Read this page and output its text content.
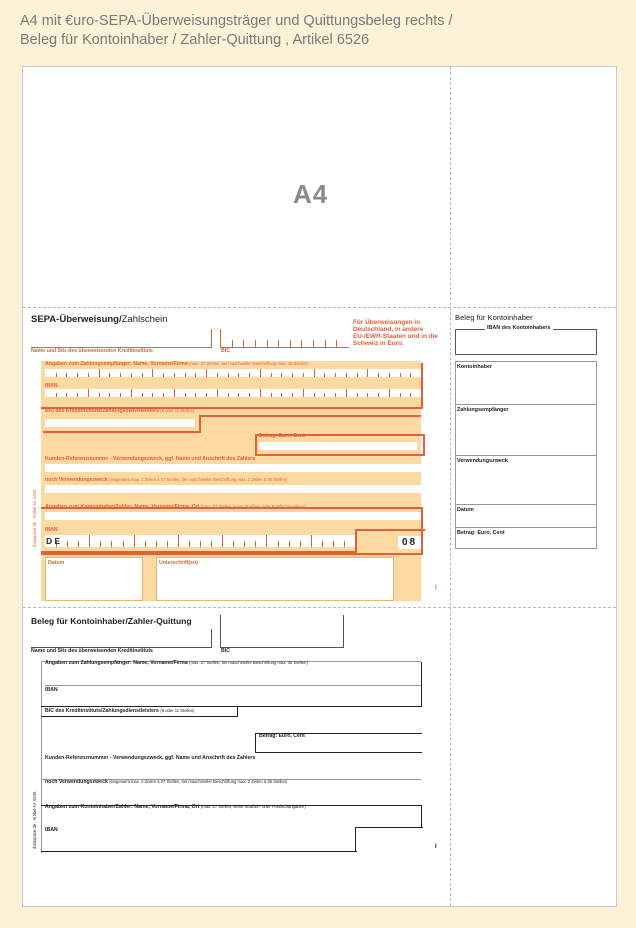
A4 mit €uro-SEPA-Überweisungsträger und Quittungsbeleg rechts /
Beleg für Kontoinhaber / Zahler-Quittung , Artikel 6526
A4
SEPA-Überweisung/Zahlschein
Name und Sitz des überweisenden Kreditinstituts	BIC
Für Überweisungen in Deutschland, in andere EU-/EWR-Staaten und in die Schweiz in Euro.
Angaben zum Zahlungsempfänger: Name, Vorname/Firma (max. 27 Stellen, bei maschineller Beschriftung max. 35 Stellen)
IBAN
BIC des Kreditinstituts/Zahlungsdienstleisters (8 oder 11 Stellen)
Betrag: Euro, Cent
Kunden-Referenznummer - Verwendungszweck, ggf. Name und Anschrift des Zahlers
noch Verwendungszweck (insgesamt max. 2 Zeilen à 27 Stellen, bei maschineller Beschriftung max. 2 Zeilen à 35 Stellen)
Angaben zum Kontoinhaber/Zahler: Name, Vorname/Firma, Ort (max. 27 Stellen, keine Straßen- oder Postfachangaben)
IBAN
D E	08
Datum	Unterschrift(en)
I
dataspace.de · Artikel-Nr. 6526
Beleg für Kontoinhaber
IBAN des Kontoinhabers
Kontoinhaber
Zahlungsempfänger
Verwendungszweck
Datum
Betrag: Euro, Cent
Beleg für Kontoinhaber/Zahler-Quittung
Name und Sitz des überweisenden Kreditinstituts	BIC
Angaben zum Zahlungsempfänger: Name, Vorname/Firma (max. 27 Stellen, bei maschineller Beschriftung max. 35 Stellen)
IBAN
BIC des Kreditinstituts/Zahlungsdienstleisters (8 oder 11 Stellen)
Betrag: Euro, Cent
Kunden-Referenznummer - Verwendungszweck, ggf. Name und Anschrift des Zahlers
noch Verwendungszweck (insgesamt max. 2 Zeilen à 27 Stellen, bei maschineller Beschriftung max. 2 Zeilen à 35 Stellen)
Angaben zum Kontoinhaber/Zahler: Name, Vorname/Firma, Ort (max. 27 Stellen, keine Straßen- oder Postfachangaben)
IBAN
I
dataspace.de · Artikel-Nr. 6526
